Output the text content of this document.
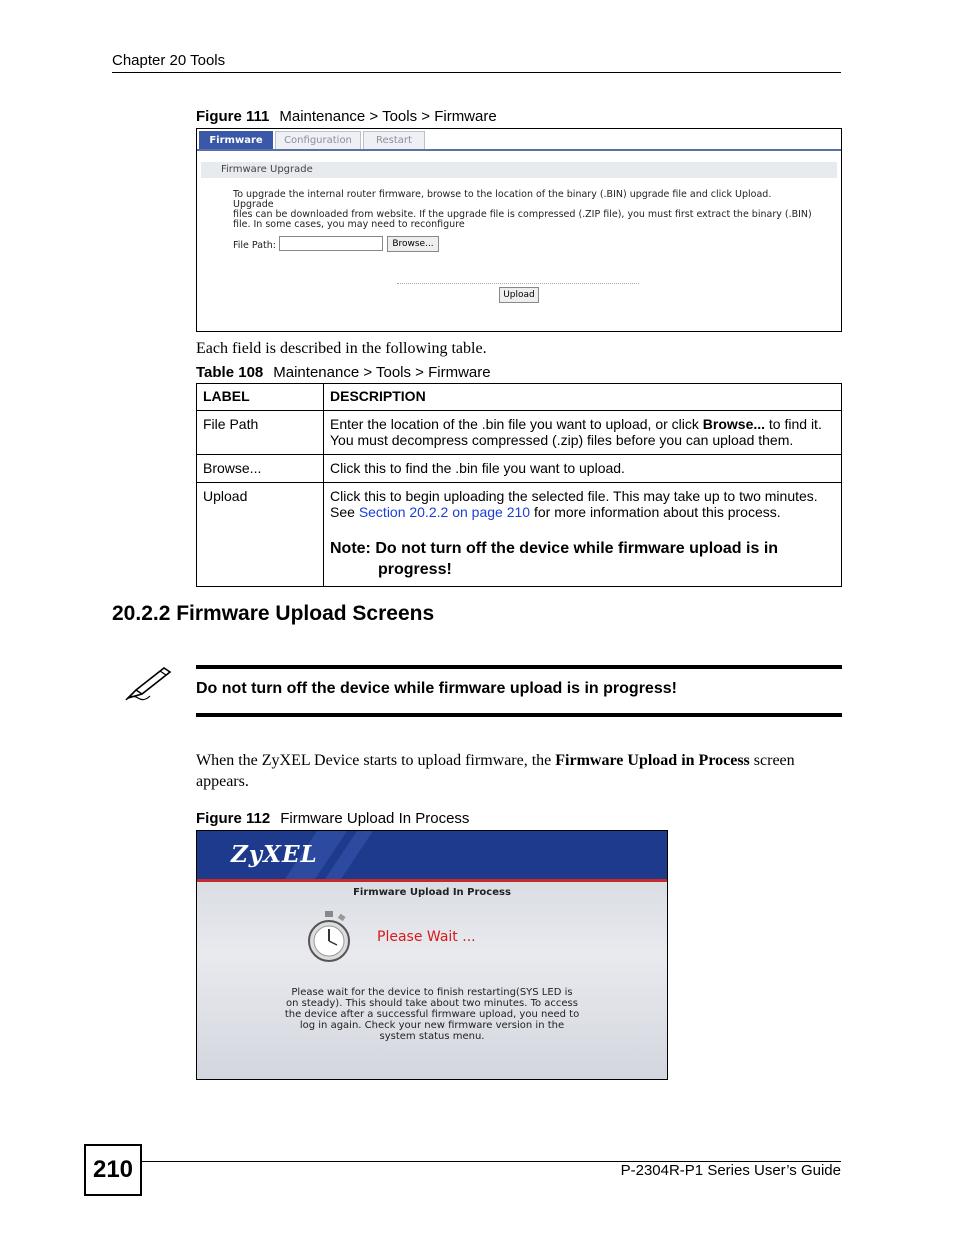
Chapter 20 Tools
Figure 111 Maintenance > Tools > Firmware
Firmware	Configuration	Restart
Firmware Upgrade
To upgrade the internal router firmware, browse to the location of the binary (.BIN) upgrade file and click Upload. Upgrade
files can be downloaded from website. If the upgrade file is compressed (.ZIP file), you must first extract the binary (.BIN)
file. In some cases, you may need to reconfigure
File Path:	Browse...
Upload
Each field is described in the following table.
Table 108 Maintenance > Tools > Firmware
LABEL	DESCRIPTION
File Path	Enter the location of the .bin file you want to upload, or click Browse... to find it.
You must decompress compressed (.zip) files before you can upload them.
Browse...	Click this to find the .bin file you want to upload.
Upload	Click this to begin uploading the selected file. This may take up to two minutes.
See Section 20.2.2 on page 210 for more information about this process.
Note: Do not turn off the device while firmware upload is in
progress!
20.2.2 Firmware Upload Screens
Do not turn off the device while firmware upload is in progress!
When the ZyXEL Device starts to upload firmware, the Firmware Upload in Process screen appears.
Figure 112 Firmware Upload In Process
ZyXEL
Firmware Upload In Process
Please Wait ...
Please wait for the device to finish restarting(SYS LED is
on steady). This should take about two minutes. To access
the device after a successful firmware upload, you need to
log in again. Check your new firmware version in the
system status menu.
210	P-2304R-P1 Series User’s Guide
